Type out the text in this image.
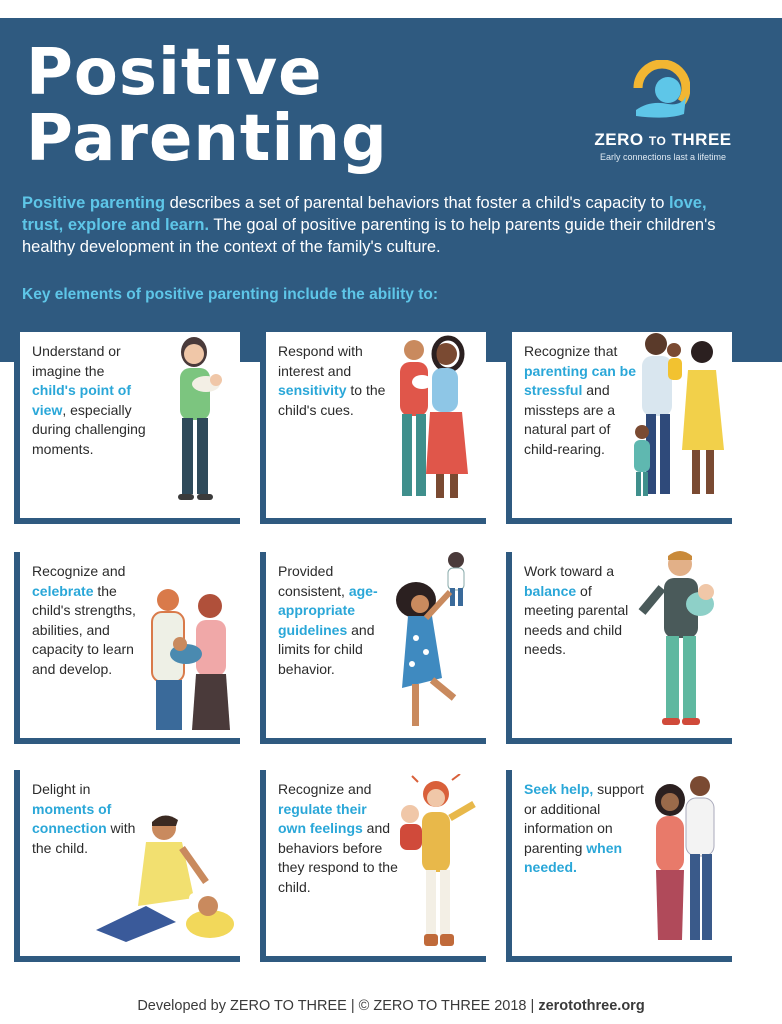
Positive
Parenting	ZERO TO THREE
Early connections last a lifetime

Positive parenting describes a set of parental behaviors that foster a child's capacity to love, trust, explore and learn. The goal of positive parenting is to help parents guide their children's healthy development in the context of the family's culture.

Key elements of positive parenting include the ability to:

Understand or imagine the child's point of view, especially during challenging moments.

Respond with interest and sensitivity to the child's cues.

Recognize that parenting can be stressful and missteps are a natural part of child-rearing.

Recognize and celebrate the child's strengths, abilities, and capacity to learn and develop.

Provided consistent, age-appropriate guidelines and limits for child behavior.

Work toward a balance of meeting parental needs and child needs.

Delight in moments of connection with the child.

Recognize and regulate their own feelings and behaviors before they respond to the child.

Seek help, support or additional information on parenting when needed.

Developed by ZERO TO THREE | © ZERO TO THREE 2018 | zerotothree.org
